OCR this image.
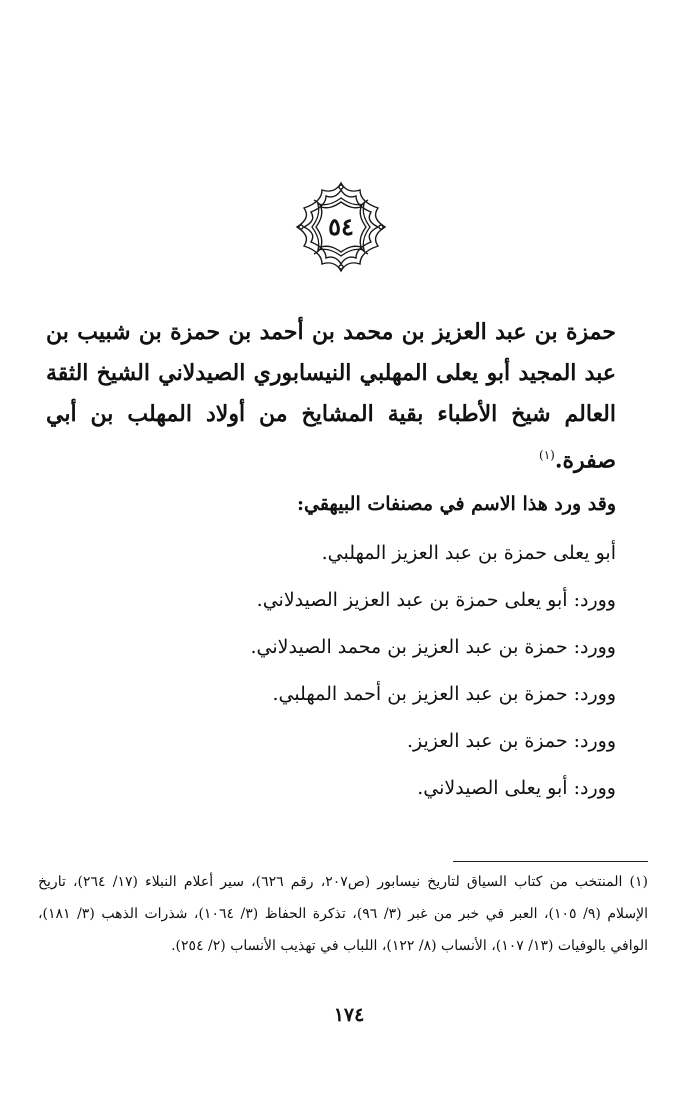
٥٤

حمزة بن عبد العزيز بن محمد بن أحمد بن حمزة بن شبيب بن عبد المجيد أبو يعلى المهلبي النيسابوري الصيدلاني الشيخ الثقة العالم شيخ الأطباء بقية المشايخ من أولاد المهلب بن أبي صفرة.$^{(١)}$

وقد ورد هذا الاسم في مصنفات البيهقي:
أبو يعلى حمزة بن عبد العزيز المهلبي.
وورد: أبو يعلى حمزة بن عبد العزيز الصيدلاني.
وورد: حمزة بن عبد العزيز بن محمد الصيدلاني.
وورد: حمزة بن عبد العزيز بن أحمد المهلبي.
وورد: حمزة بن عبد العزيز.
وورد: أبو يعلى الصيدلاني.
(١) المنتخب من كتاب السياق لتاريخ نيسابور (ص٢٠٧، رقم ٦٢٦)، سير أعلام النبلاء (١٧/ ٢٦٤)، تاريخ الإسلام (٩/ ١٠٥)، العبر في خبر من غبر (٣/ ٩٦)، تذكرة الحفاظ (٣/ ١٠٦٤)، شذرات الذهب (٣/ ١٨١)، الوافي بالوفيات (١٣/ ١٠٧)، الأنساب (٨/ ١٢٢)، اللباب في تهذيب الأنساب (٢/ ٢٥٤).
١٧٤
